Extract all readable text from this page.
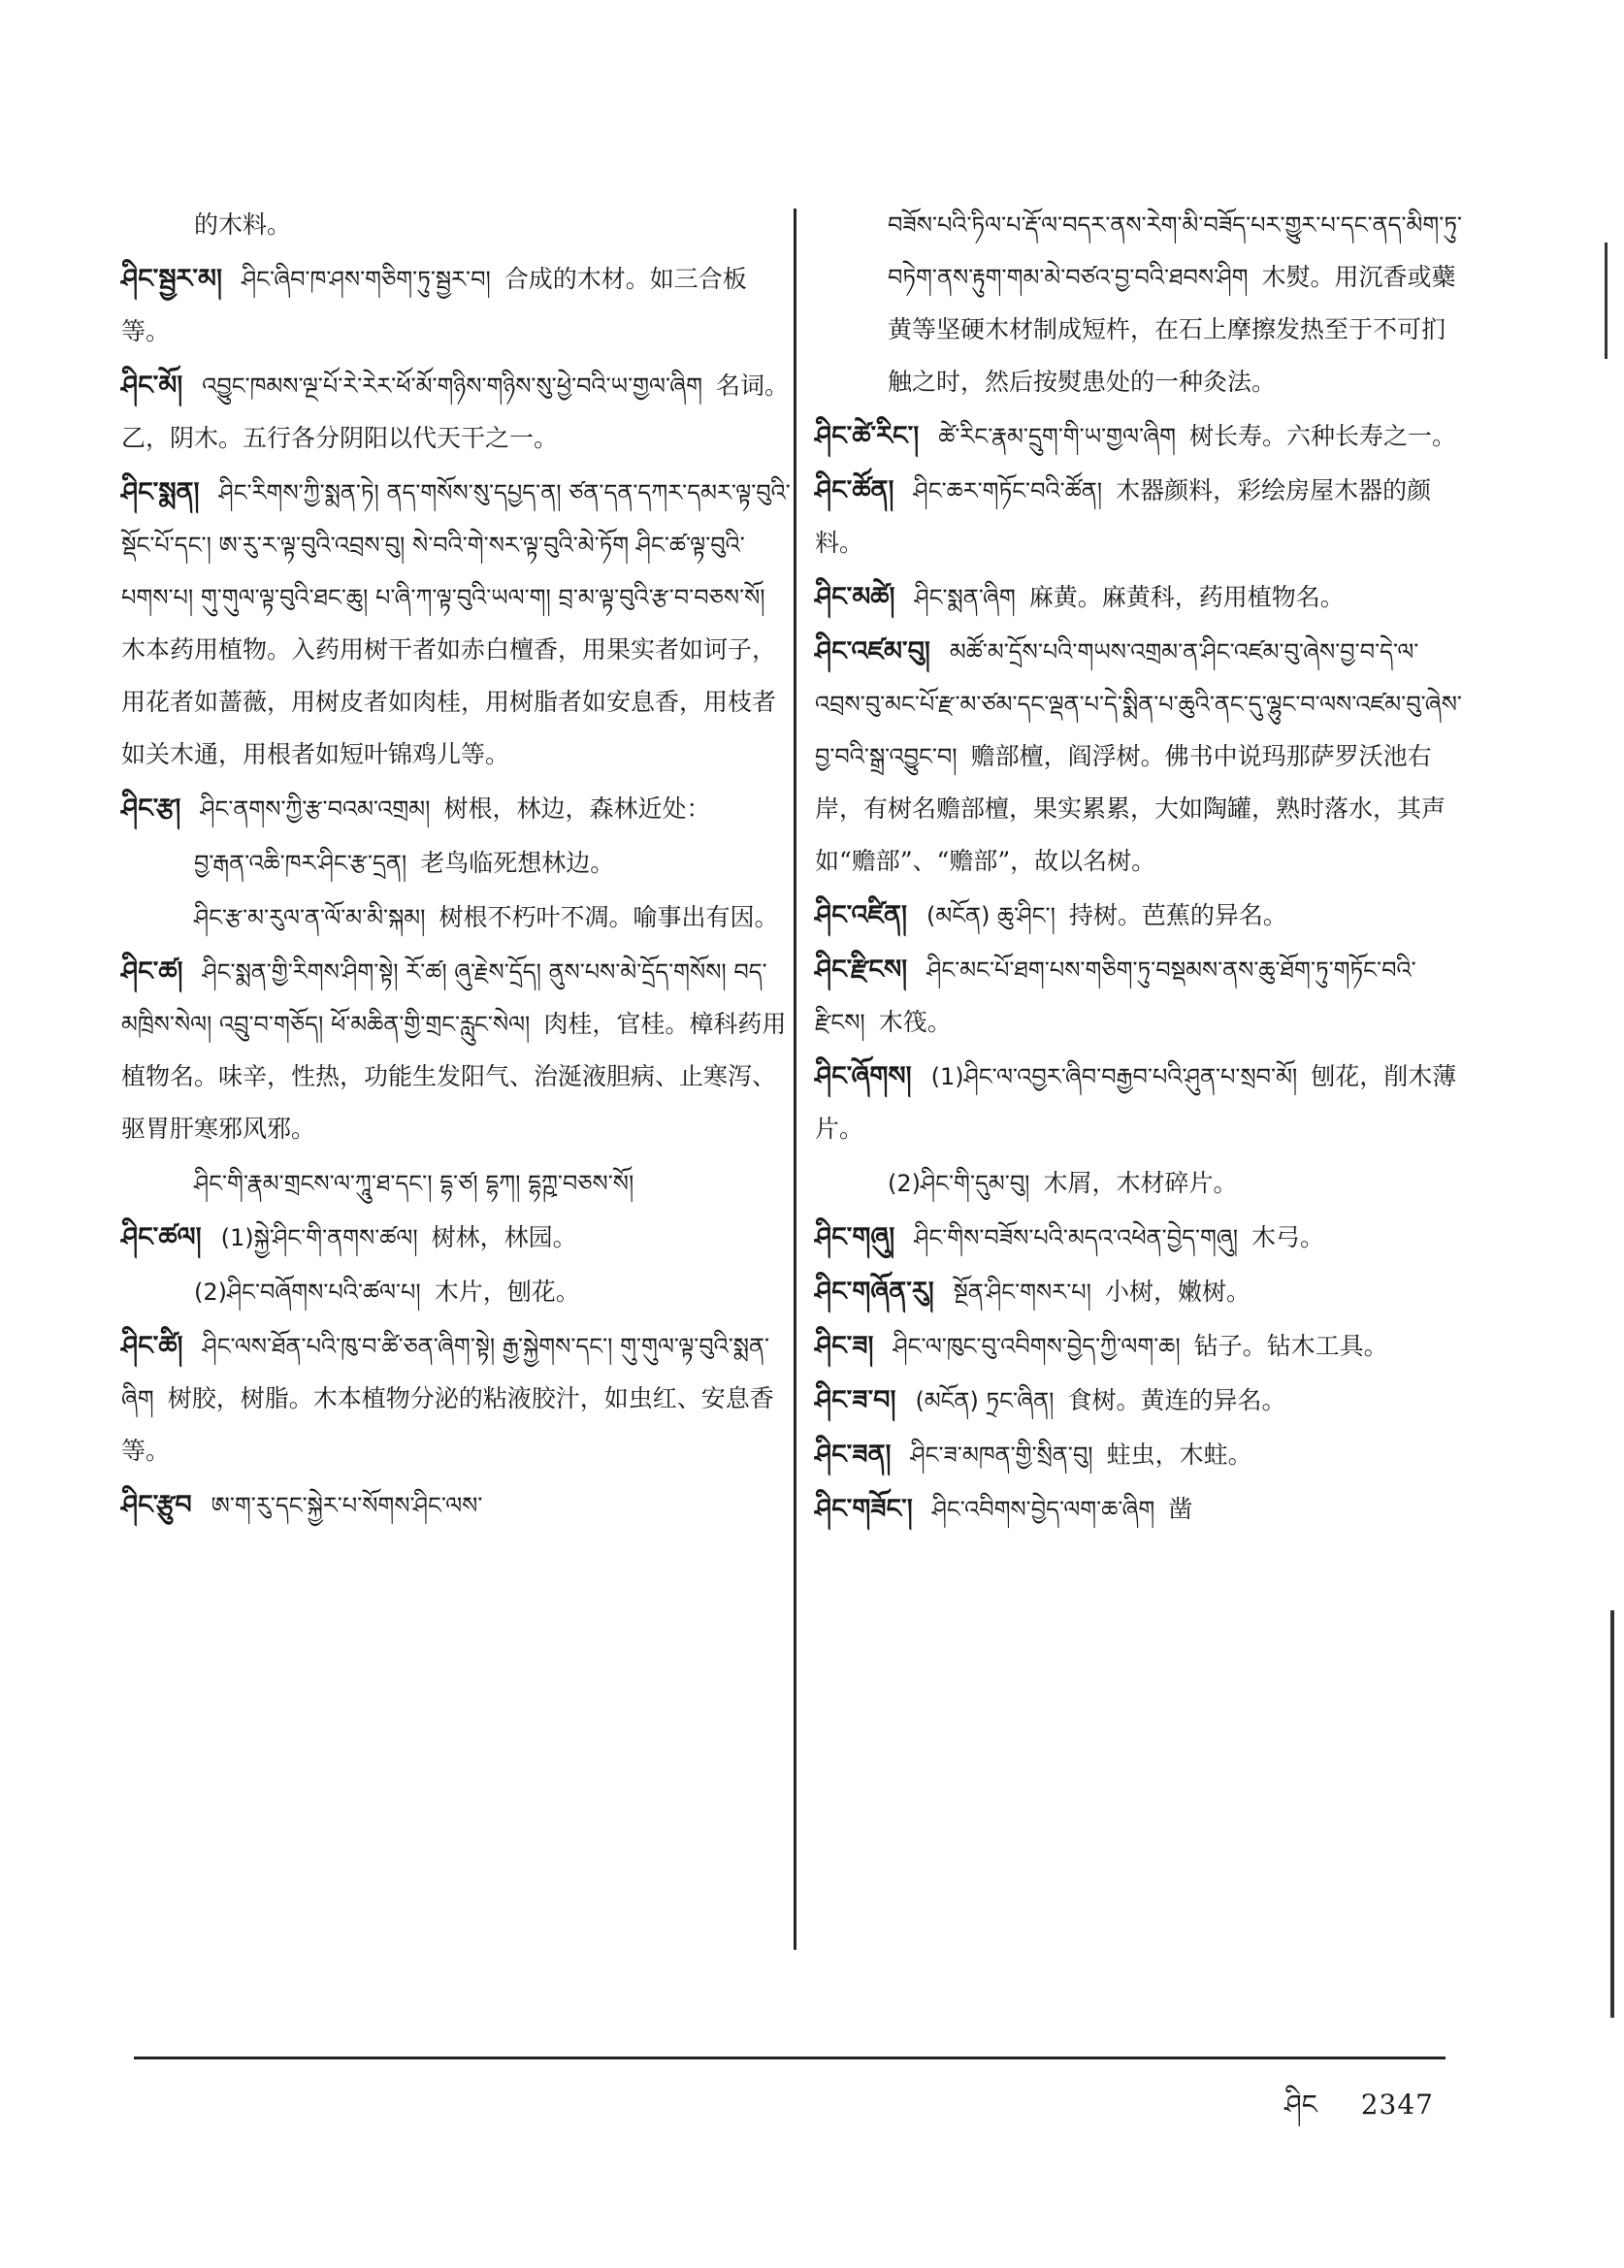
的木料。
ཤིང་སྦྱར་མ། ཤིང་ཞིབ་ཁ་ཤས་གཅིག་ཏུ་སྦྱར་བ། 合成的木材。如三合板等。
ཤིང་མོ། འབྱུང་ཁམས་ལྔ་པོ་རེ་རེར་ཕོ་མོ་གཉིས་གཉིས་སུ་ཕྱེ་བའི་ཡ་གྱལ་ཞིག 名词。乙，阴木。五行各分阴阳以代天干之一。
ཤིང་སྨན། ཤིང་རིགས་ཀྱི་སྨན་ཏེ། ནད་གསོས་སུ་དཔྱད་ན། ཙན་དན་དཀར་དམར་ལྟ་བུའི་སྡོང་པོ་དང་། ཨ་རུ་ར་ལྟ་བུའི་འབྲས་བུ། སེ་བའི་གེ་སར་ལྟ་བུའི་མེ་ཏོག ཤིང་ཚ་ལྟ་བུའི་པགས་པ། གུ་གུལ་ལྟ་བུའི་ཐང་ཆུ། པ་ཞི་ཀ་ལྟ་བུའི་ཡལ་ག། བྲ་མ་ལྟ་བུའི་རྩ་བ་བཅས་སོ།木本药用植物。入药用树干者如赤白檀香，用果实者如诃子，用花者如蔷薇，用树皮者如肉桂，用树脂者如安息香，用枝者如关木通，用根者如短叶锦鸡儿等。
ཤིང་རྩ། ཤིང་ནགས་ཀྱི་རྩ་བའམ་འགྲམ། 树根，林边，森林近处：
བྱ་རྒན་འཆི་ཁར་ཤིང་རྩ་དྲན། 老鸟临死想林边。
ཤིང་རྩ་མ་རུལ་ན་ལོ་མ་མི་སྐམ། 树根不朽叶不凋。喻事出有因。
ཤིང་ཚ། ཤིང་སྨན་གྱི་རིགས་ཤིག་སྟེ། རོ་ཚ། ཞུ་རྗེས་དྲོད། ནུས་པས་མེ་དྲོད་གསོས། བད་མཁྲིས་སེལ། འབྲུ་བ་གཅོད། ཕོ་མཆིན་གྱི་གྲང་རླུང་སེལ། 肉桂，官桂。樟科药用植物名。味辛，性热，功能生发阳气、治涎液胆病、止寒泻、驱胃肝寒邪风邪。
ཤིང་གི་རྣམ་གྲངས་ལ་ཀཱུ་ཐ་དང་། དྷ་ཙ། དྷཀ། དྷཀྵ་བཅས་སོ།
ཤིང་ཚལ། (1)སྐྱེ་ཤིང་གི་ནགས་ཚལ། 树林，林园。
(2)ཤིང་བཞོགས་པའི་ཚལ་པ། 木片，刨花。
ཤིང་ཚི། ཤིང་ལས་ཐོན་པའི་ཁུ་བ་ཚི་ཅན་ཞིག་སྟེ། རྒྱ་སྐྱེགས་དང་། གུ་གུལ་ལྟ་བུའི་སྨན་ཞིག 树胶，树脂。木本植物分泌的粘液胶汁，如虫红、安息香等。
ཤིང་རྩུབ ཨ་ག་རུ་དང་སྐྱེར་པ་སོགས་ཤིང་ལས་
བཟོས་པའི་ཏིལ་པ་རྡོ་ལ་བདར་ནས་རེག་མི་བཟོད་པར་གྱུར་པ་དང་ནད་མིག་ཏུ་བཏེག་ནས་རྟུག་གམ་མེ་བཙའ་བྱ་བའི་ཐབས་ཤིག 木熨。用沉香或蘗黄等坚硬木材制成短杵，在石上摩擦发热至于不可扪触之时，然后按熨患处的一种灸法。
ཤིང་ཚེ་རིང་། ཚེ་རིང་རྣམ་དྲུག་གི་ཡ་གྱལ་ཞིག 树长寿。六种长寿之一。
ཤིང་ཚོན། ཤིང་ཆར་གཏོང་བའི་ཚོན། 木器颜料，彩绘房屋木器的颜料。
ཤིང་མཚེ། ཤིང་སྨན་ཞིག 麻黄。麻黄科，药用植物名。
ཤིང་འཛམ་བུ། མཚོ་མ་དྲོས་པའི་གཡས་འགྲམ་ན་ཤིང་འཛམ་བུ་ཞེས་བྱ་བ་དེ་ལ་འབྲས་བུ་མང་པོ་རྫ་མ་ཙམ་དང་ལྡན་པ་དེ་སྨིན་པ་ཆུའི་ནང་དུ་ལྷུང་བ་ལས་འཛམ་བུ་ཞེས་བྱ་བའི་སྒྲ་འབྱུང་བ། 赡部檀，阎浮树。佛书中说玛那萨罗沃池右岸，有树名赡部檀，果实累累，大如陶罐，熟时落水，其声如“赡部”、“赡部”，故以名树。
ཤིང་འཛིན། (མངོན) ཆུ་ཤིང་། 持树。芭蕉的异名。
ཤིང་རྫིངས། ཤིང་མང་པོ་ཐག་པས་གཅིག་ཏུ་བསྡམས་ནས་ཆུ་ཐོག་ཏུ་གཏོང་བའི་རྫིངས། 木筏。
ཤིང་ཞོགས། (1)ཤིང་ལ་འབྱར་ཞིབ་བརྒྱབ་པའི་ཤུན་པ་སྲབ་མོ། 刨花，削木薄片。
(2)ཤིང་གི་དུམ་བུ། 木屑，木材碎片。
ཤིང་གཞུ། ཤིང་གིས་བཟོས་པའི་མདའ་འཕེན་བྱེད་གཞུ། 木弓。
ཤིང་གཞོན་རུ། སྔོན་ཤིང་གསར་པ། 小树，嫩树。
ཤིང་ཟ། ཤིང་ལ་ཁུང་བུ་འབིགས་བྱེད་ཀྱི་ལག་ཆ། 钻子。钻木工具。
ཤིང་ཟ་བ། (མངོན) ཏྲང་ཞིན། 食树。黄连的异名。
ཤིང་ཟན། ཤིང་ཟ་མཁན་གྱི་སྲིན་བུ། 蛀虫，木蛀。
ཤིང་གཟོང་། ཤིང་འབིགས་བྱེད་ལག་ཆ་ཞིག 凿
ཤིང 2347
